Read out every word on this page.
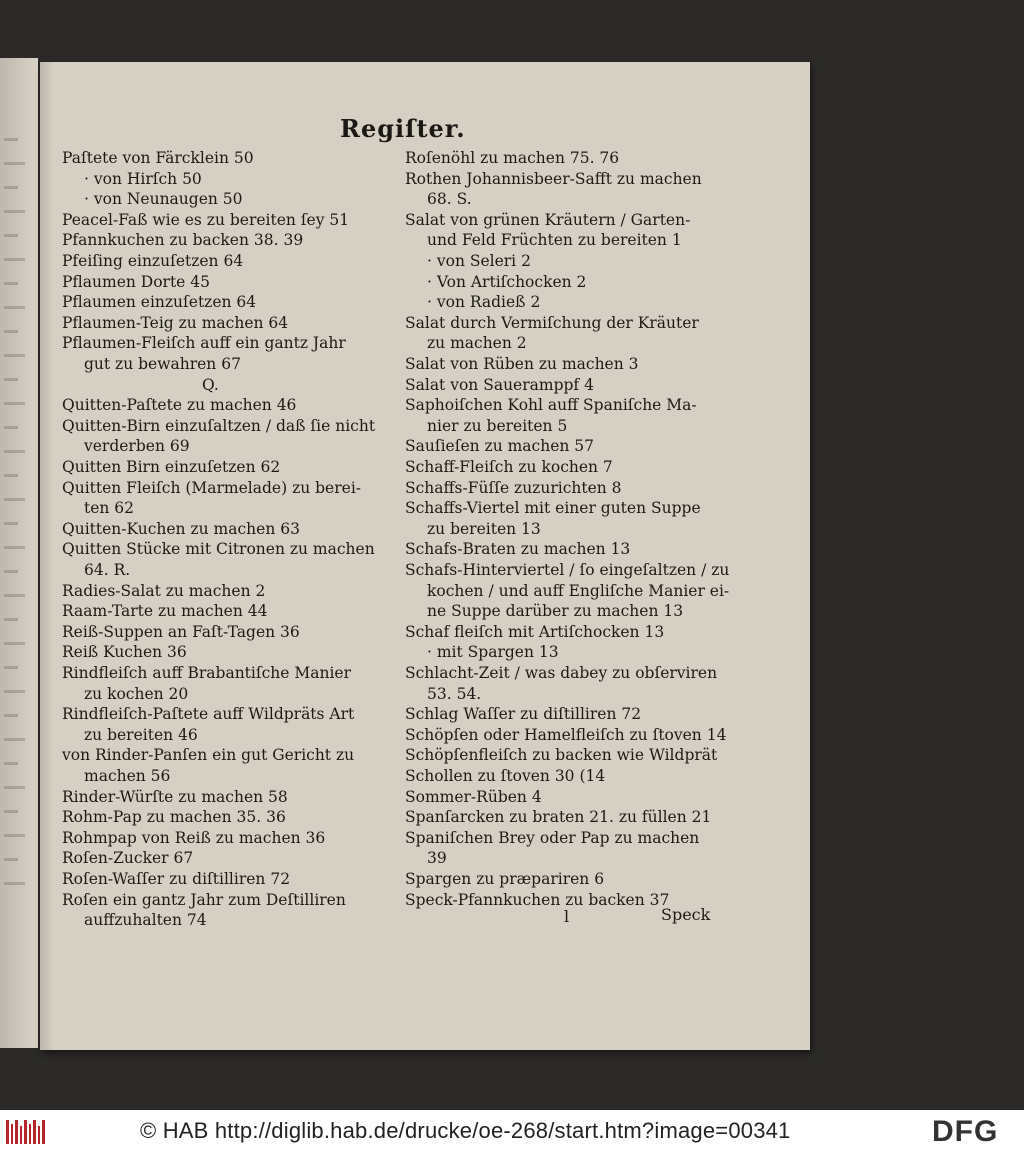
Regiſter.
Paſtete von Färcklein 50
· von Hirſch 50
· von Neunaugen 50
Peacel-Faß wie es zu bereiten ſey 51
Pfannkuchen zu backen 38. 39
Pfeiſing einzuſetzen 64
Pflaumen Dorte 45
Pflaumen einzuſetzen 64
Pflaumen-Teig zu machen 64
Pflaumen-Fleiſch auff ein gantz Jahr
gut zu bewahren 67
Q.
Quitten-Paſtete zu machen 46
Quitten-Birn einzuſaltzen / daß ſie nicht
verderben 69
Quitten Birn einzuſetzen 62
Quitten Fleiſch (Marmelade) zu berei-
ten 62
Quitten-Kuchen zu machen 63
Quitten Stücke mit Citronen zu machen
64. R.
Radies-Salat zu machen 2
Raam-Tarte zu machen 44
Reiß-Suppen an Faſt-Tagen 36
Reiß Kuchen 36
Rindfleiſch auff Brabantiſche Manier
zu kochen 20
Rindfleiſch-Paſtete auff Wildpräts Art
zu bereiten 46
von Rinder-Panſen ein gut Gericht zu
machen 56
Rinder-Würſte zu machen 58
Rohm-Pap zu machen 35. 36
Rohmpap von Reiß zu machen 36
Roſen-Zucker 67
Roſen-Waſſer zu diſtilliren 72
Roſen ein gantz Jahr zum Deſtilliren
auffzuhalten 74
Roſenöhl zu machen 75. 76
Rothen Johannisbeer-Safft zu machen
68. S.
Salat von grünen Kräutern / Garten-
und Feld Früchten zu bereiten 1
· von Seleri 2
· Von Artiſchocken 2
· von Radieß 2
Salat durch Vermiſchung der Kräuter
zu machen 2
Salat von Rüben zu machen 3
Salat von Saueramppf 4
Saphoiſchen Kohl auff Spaniſche Ma-
nier zu bereiten 5
Sauſieſen zu machen 57
Schaff-Fleiſch zu kochen 7
Schaffs-Füſſe zuzurichten 8
Schaffs-Viertel mit einer guten Suppe
zu bereiten 13
Schafs-Braten zu machen 13
Schafs-Hinterviertel / ſo eingeſaltzen / zu
kochen / und auff Engliſche Manier ei-
ne Suppe darüber zu machen 13
Schaf fleiſch mit Artiſchocken 13
· mit Spargen 13
Schlacht-Zeit / was dabey zu obſerviren
53. 54.
Schlag Waſſer zu diſtilliren 72
Schöpſen oder Hamelfleiſch zu ſtoven 14
Schöpſenfleiſch zu backen wie Wildprät
Schollen zu ſtoven 30 (14
Sommer-Rüben 4
Spanſarcken zu braten 21. zu füllen 21
Spaniſchen Brey oder Pap zu machen
39
Spargen zu præpariren 6
Speck-Pfannkuchen zu backen 37
l	Speck
© HAB http://diglib.hab.de/drucke/oe-268/start.htm?image=00341	DFG
